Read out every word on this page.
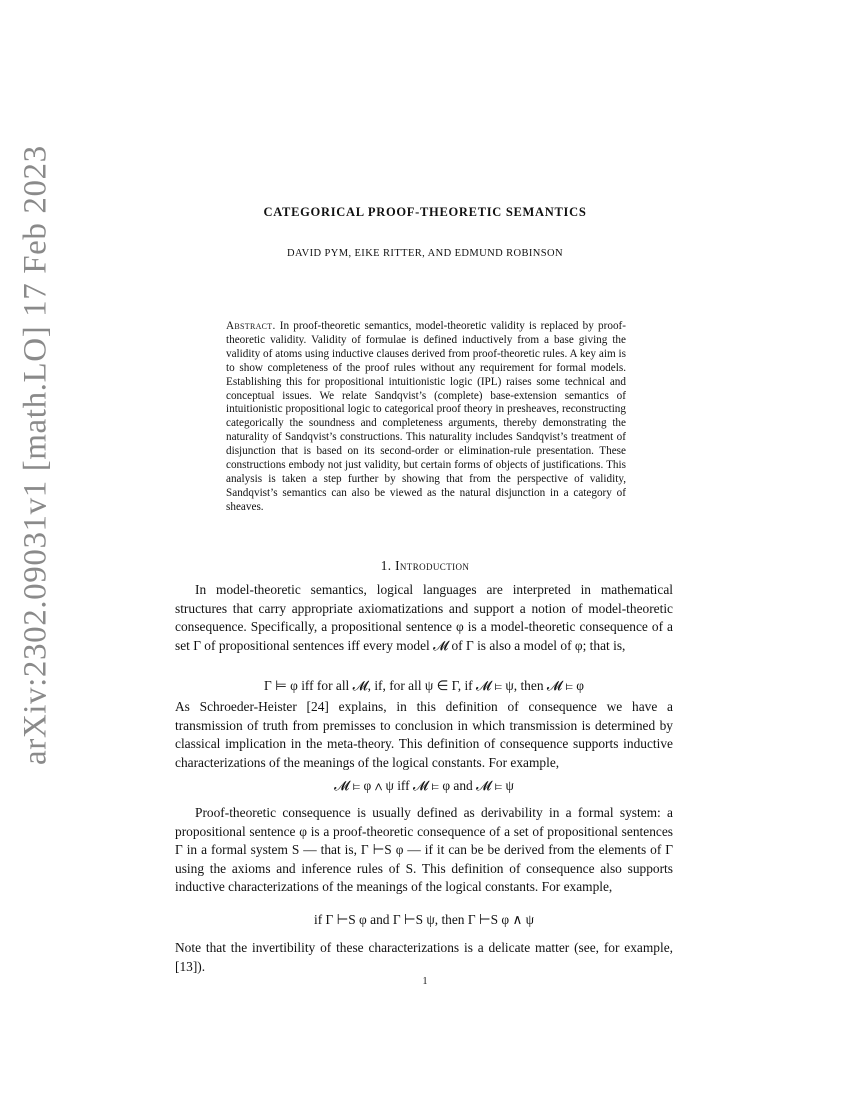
arXiv:2302.09031v1 [math.LO] 17 Feb 2023	CATEGORICAL PROOF-THEORETIC SEMANTICS
DAVID PYM, EIKE RITTER, AND EDMUND ROBINSON
Abstract. In proof-theoretic semantics, model-theoretic validity is replaced by proof-theoretic validity. Validity of formulae is defined inductively from a base giving the validity of atoms using inductive clauses derived from proof-theoretic rules. A key aim is to show completeness of the proof rules without any requirement for formal models. Establishing this for propositional intuitionistic logic (IPL) raises some technical and conceptual issues. We relate Sandqvist’s (complete) base-extension semantics of intuitionistic propositional logic to categorical proof theory in presheaves, reconstructing categorically the soundness and completeness arguments, thereby demonstrating the naturality of Sandqvist’s constructions. This naturality includes Sandqvist’s treatment of disjunction that is based on its second-order or elimination-rule presentation. These constructions embody not just validity, but certain forms of objects of justifications. This analysis is taken a step further by showing that from the perspective of validity, Sandqvist’s semantics can also be viewed as the natural disjunction in a category of sheaves.
1. Introduction
In model-theoretic semantics, logical languages are interpreted in mathematical structures that carry appropriate axiomatizations and support a notion of model-theoretic consequence. Specifically, a propositional sentence φ is a model-theoretic consequence of a set Γ of propositional sentences iff every model 𝓜 of Γ is also a model of φ; that is,
Γ ⊨ φ iff for all 𝓜, if, for all ψ ∈ Γ, if 𝓜 ⊨ ψ, then 𝓜 ⊨ φ
As Schroeder-Heister [24] explains, in this definition of consequence we have a transmission of truth from premisses to conclusion in which transmission is determined by classical implication in the meta-theory. This definition of consequence supports inductive characterizations of the meanings of the logical constants. For example,
𝓜 ⊨ φ ∧ ψ iff 𝓜 ⊨ φ and 𝓜 ⊨ ψ
Proof-theoretic consequence is usually defined as derivability in a formal system: a propositional sentence φ is a proof-theoretic consequence of a set of propositional sentences Γ in a formal system S — that is, Γ ⊢S φ — if it can be be derived from the elements of Γ using the axioms and inference rules of S. This definition of consequence also supports inductive characterizations of the meanings of the logical constants. For example,
if Γ ⊢S φ and Γ ⊢S ψ, then Γ ⊢S φ ∧ ψ
Note that the invertibility of these characterizations is a delicate matter (see, for example, [13]).
1
